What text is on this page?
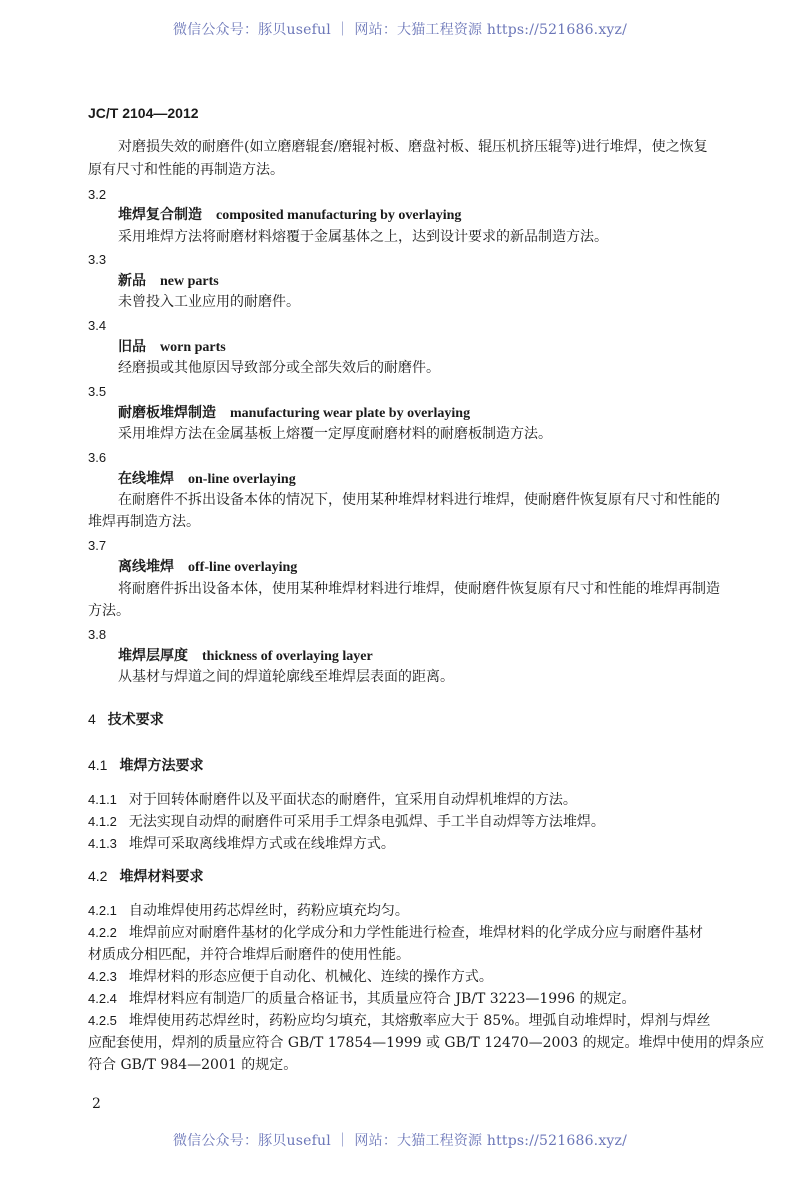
微信公众号：豚贝useful ｜ 网站：大猫工程资源 https://521686.xyz/
JC/T 2104—2012
对磨损失效的耐磨件(如立磨磨辊套/磨辊衬板、磨盘衬板、辊压机挤压辊等)进行堆焊，使之恢复
原有尺寸和性能的再制造方法。
3.2
堆焊复合制造 composited manufacturing by overlaying
采用堆焊方法将耐磨材料熔覆于金属基体之上，达到设计要求的新品制造方法。
3.3
新品 new parts
未曾投入工业应用的耐磨件。
3.4
旧品 worn parts
经磨损或其他原因导致部分或全部失效后的耐磨件。
3.5
耐磨板堆焊制造 manufacturing wear plate by overlaying
采用堆焊方法在金属基板上熔覆一定厚度耐磨材料的耐磨板制造方法。
3.6
在线堆焊 on-line overlaying
在耐磨件不拆出设备本体的情况下，使用某种堆焊材料进行堆焊，使耐磨件恢复原有尺寸和性能的
堆焊再制造方法。
3.7
离线堆焊 off-line overlaying
将耐磨件拆出设备本体，使用某种堆焊材料进行堆焊，使耐磨件恢复原有尺寸和性能的堆焊再制造
方法。
3.8
堆焊层厚度 thickness of overlaying layer
从基材与焊道之间的焊道轮廓线至堆焊层表面的距离。
4 技术要求
4.1 堆焊方法要求
4.1.1 对于回转体耐磨件以及平面状态的耐磨件，宜采用自动焊机堆焊的方法。
4.1.2 无法实现自动焊的耐磨件可采用手工焊条电弧焊、手工半自动焊等方法堆焊。
4.1.3 堆焊可采取离线堆焊方式或在线堆焊方式。
4.2 堆焊材料要求
4.2.1 自动堆焊使用药芯焊丝时，药粉应填充均匀。
4.2.2 堆焊前应对耐磨件基材的化学成分和力学性能进行检查，堆焊材料的化学成分应与耐磨件基材
材质成分相匹配，并符合堆焊后耐磨件的使用性能。
4.2.3 堆焊材料的形态应便于自动化、机械化、连续的操作方式。
4.2.4 堆焊材料应有制造厂的质量合格证书，其质量应符合 JB/T 3223—1996 的规定。
4.2.5 堆焊使用药芯焊丝时，药粉应均匀填充，其熔敷率应大于 85%。埋弧自动堆焊时，焊剂与焊丝
应配套使用，焊剂的质量应符合 GB/T 17854—1999 或 GB/T 12470—2003 的规定。堆焊中使用的焊条应
符合 GB/T 984—2001 的规定。
2
微信公众号：豚贝useful ｜ 网站：大猫工程资源 https://521686.xyz/
